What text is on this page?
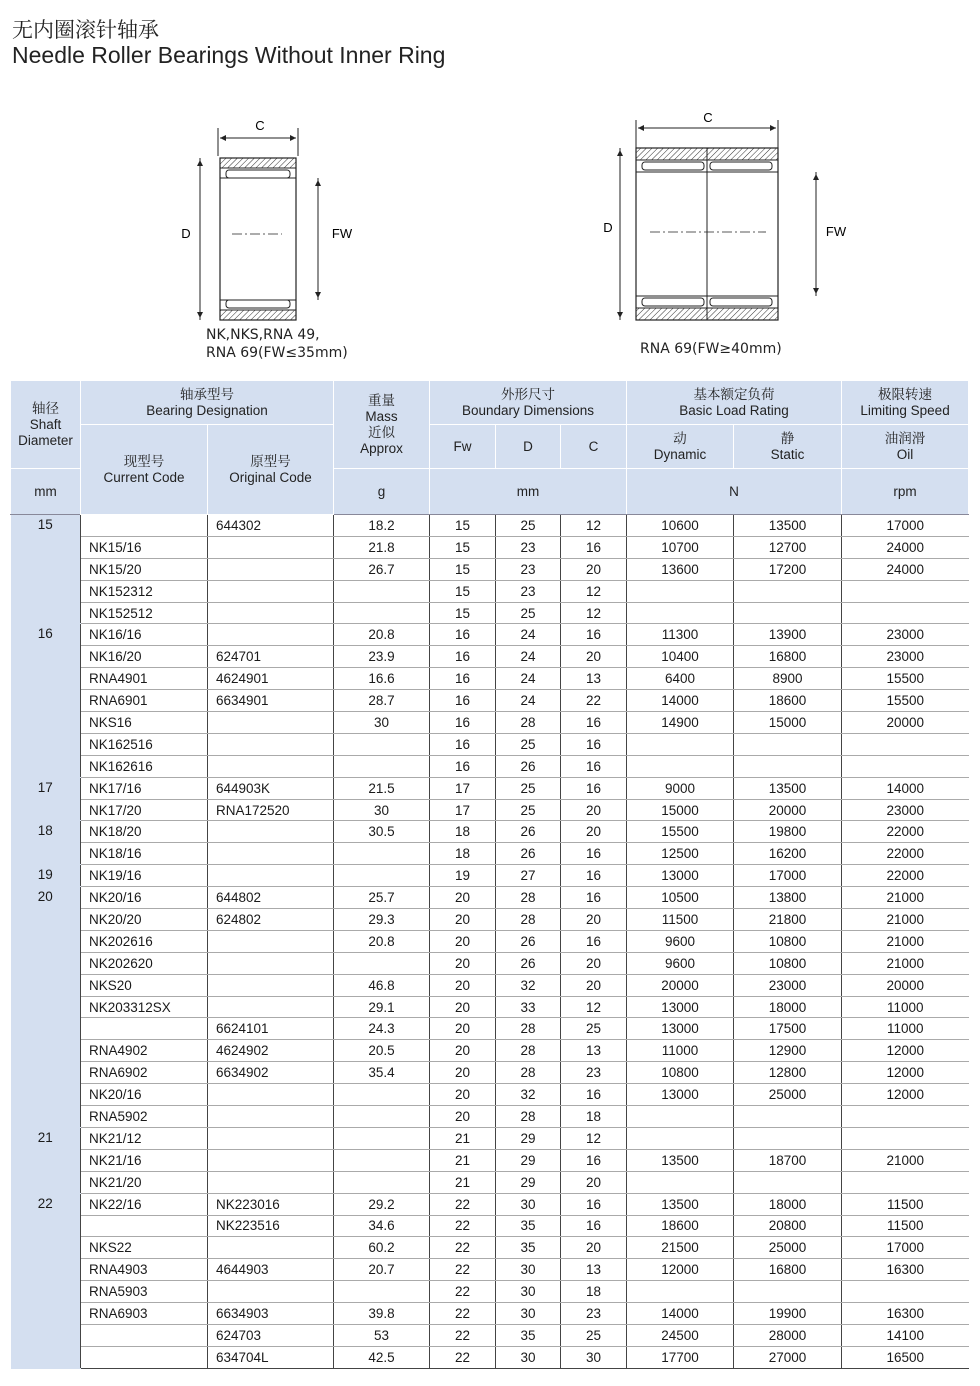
无内圈滚针轴承
Needle Roller Bearings Without Inner Ring
C
D	FW
NK,NKS,RNA 49,
RNA 69(FW≤35mm)
C
D	FW
RNA 69(FW≥40mm)
轴径
Shaft
Diameter	轴承型号
Bearing Designation		重量
Mass
近似
Approx	外形尺寸
Boundary Dimensions			基本额定负荷
Basic Load Rating		极限转速
Limiting Speed

	现型号
Current Code	原型号
Original Code		Fw	D	C	动
Dynamic	静
Static	油润滑
Oil

mm			g	mm			N		rpm
15		644302	18.2	15	25	12	10600	13500	17000
	NK15/16		21.8	15	23	16	10700	12700	24000
	NK15/20		26.7	15	23	20	13600	17200	24000
	NK152312			15	23	12			
	NK152512			15	25	12			
16	NK16/16		20.8	16	24	16	11300	13900	23000
	NK16/20	624701	23.9	16	24	20	10400	16800	23000
	RNA4901	4624901	16.6	16	24	13	6400	8900	15500
	RNA6901	6634901	28.7	16	24	22	14000	18600	15500
	NKS16		30	16	28	16	14900	15000	20000
	NK162516			16	25	16			
	NK162616			16	26	16			
17	NK17/16	644903K	21.5	17	25	16	9000	13500	14000
	NK17/20	RNA172520	30	17	25	20	15000	20000	23000
18	NK18/20		30.5	18	26	20	15500	19800	22000
	NK18/16			18	26	16	12500	16200	22000
19	NK19/16			19	27	16	13000	17000	22000
20	NK20/16	644802	25.7	20	28	16	10500	13800	21000
	NK20/20	624802	29.3	20	28	20	11500	21800	21000
	NK202616		20.8	20	26	16	9600	10800	21000
	NK202620			20	26	20	9600	10800	21000
	NKS20		46.8	20	32	20	20000	23000	20000
	NK203312SX		29.1	20	33	12	13000	18000	11000
		6624101	24.3	20	28	25	13000	17500	11000
	RNA4902	4624902	20.5	20	28	13	11000	12900	12000
	RNA6902	6634902	35.4	20	28	23	10800	12800	12000
	NK20/16			20	32	16	13000	25000	12000
	RNA5902			20	28	18			
21	NK21/12			21	29	12			
	NK21/16			21	29	16	13500	18700	21000
	NK21/20			21	29	20			
22	NK22/16	NK223016	29.2	22	30	16	13500	18000	11500
		NK223516	34.6	22	35	16	18600	20800	11500
	NKS22		60.2	22	35	20	21500	25000	17000
	RNA4903	4644903	20.7	22	30	13	12000	16800	16300
	RNA5903			22	30	18			
	RNA6903	6634903	39.8	22	30	23	14000	19900	16300
		624703	53	22	35	25	24500	28000	14100
		634704L	42.5	22	30	30	17700	27000	16500
